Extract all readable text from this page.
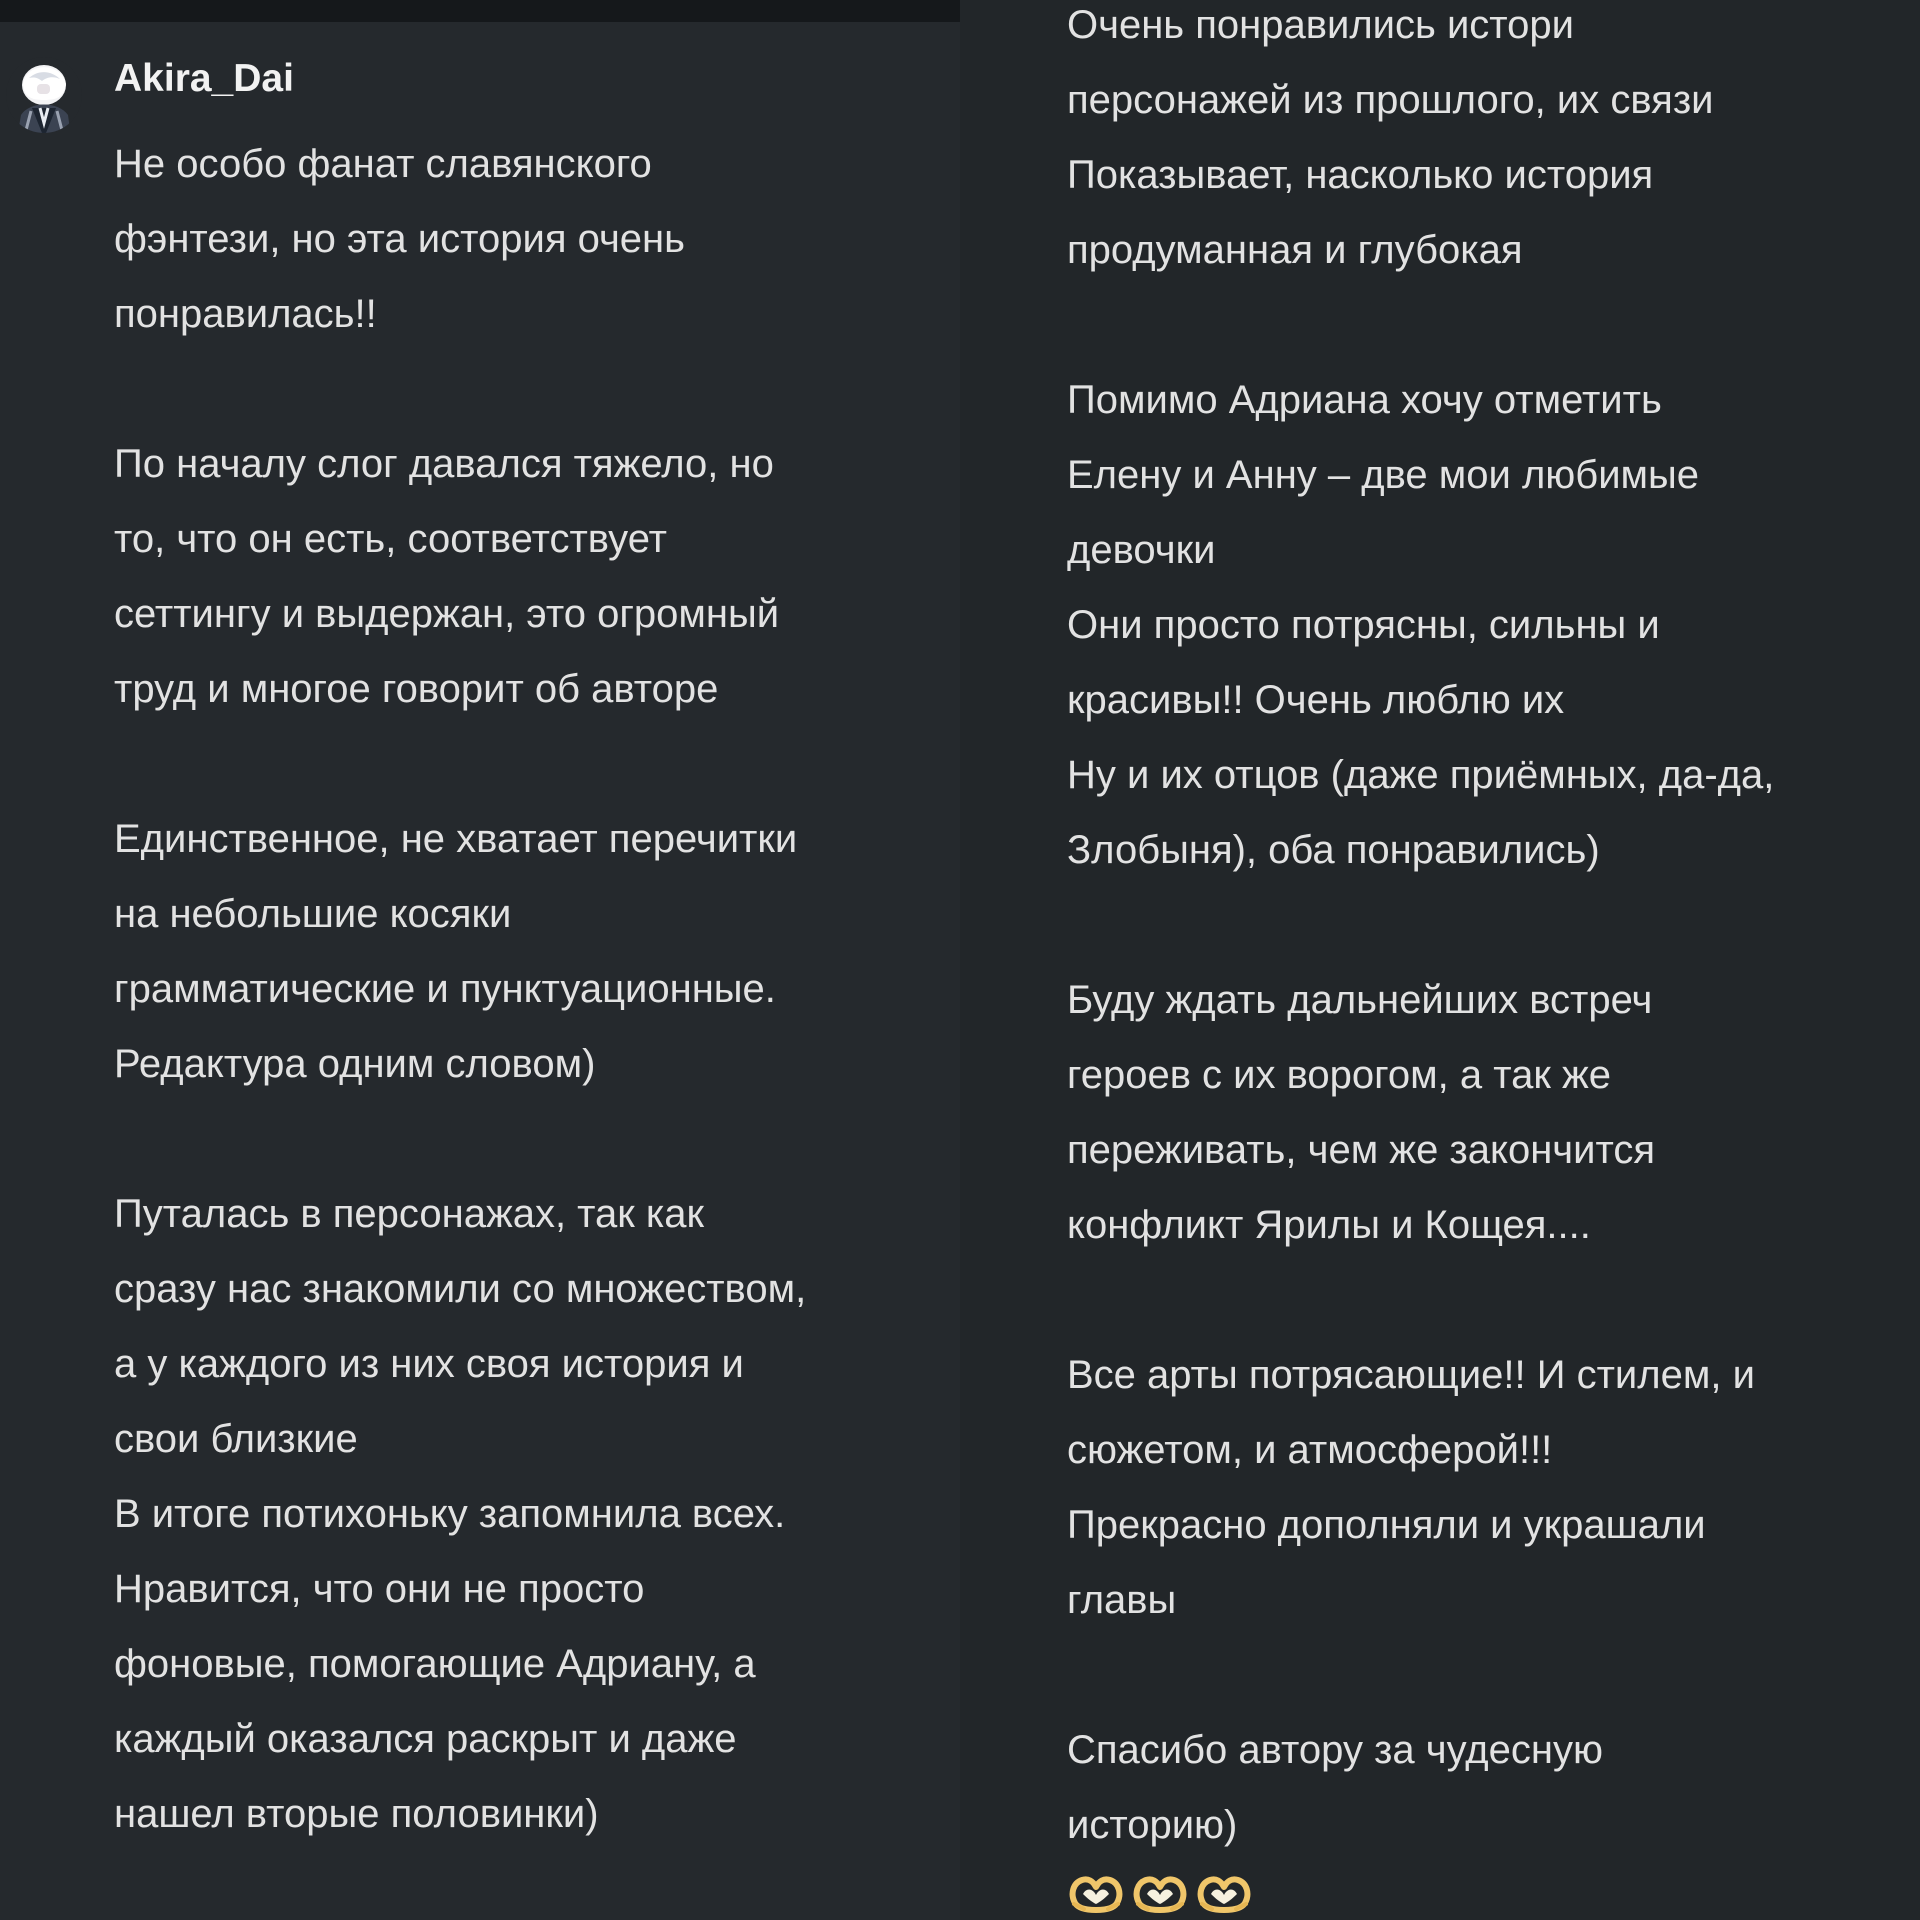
Akira_Dai
Не особо фанат славянского
фэнтези, но эта история очень
понравилась!!

По началу слог давался тяжело, но
то, что он есть, соответствует
сеттингу и выдержан, это огромный
труд и многое говорит об авторе

Единственное, не хватает перечитки
на небольшие косяки
грамматические и пунктуационные.
Редактура одним словом)

Путалась в персонажах, так как
сразу нас знакомили со множеством,
а у каждого из них своя история и
свои близкие
В итоге потихоньку запомнила всех.
Нравится, что они не просто
фоновые, помогающие Адриану, а
каждый оказался раскрыт и даже
нашел вторые половинки)
Очень понравились истори
персонажей из прошлого, их связи
Показывает, насколько история
продуманная и глубокая

Помимо Адриана хочу отметить
Елену и Анну – две мои любимые
девочки
Они просто потрясны, сильны и
красивы!! Очень люблю их
Ну и их отцов (даже приёмных, да-да,
Злобыня), оба понравились)

Буду ждать дальнейших встреч
героев с их ворогом, а так же
переживать, чем же закончится
конфликт Ярилы и Кощея....

Все арты потрясающие!! И стилем, и
сюжетом, и атмосферой!!!
Прекрасно дополняли и украшали
главы

Спасибо автору за чудесную
историю)
